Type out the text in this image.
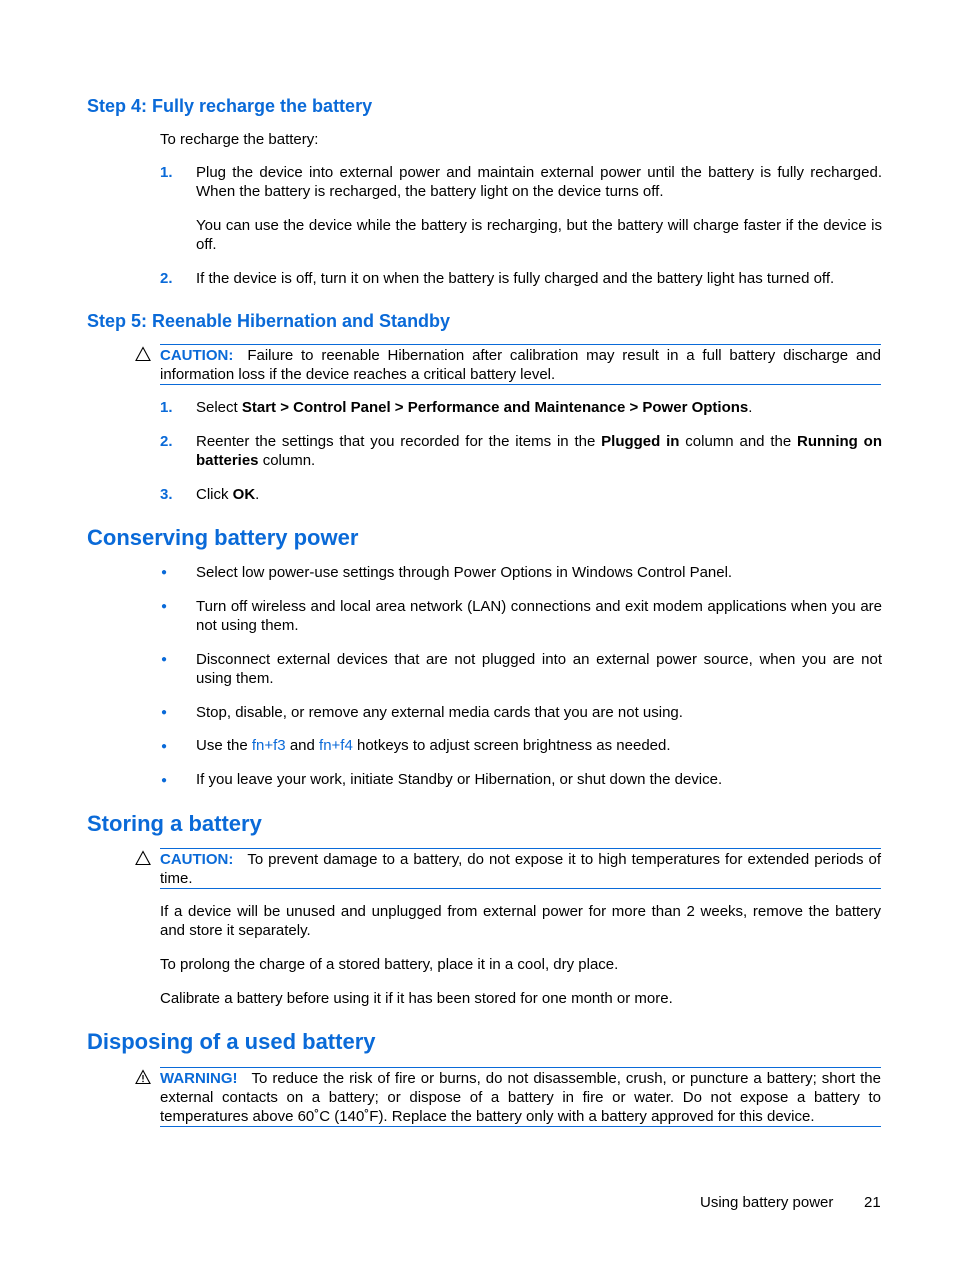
Step 4: Fully recharge the battery
To recharge the battery:
1. Plug the device into external power and maintain external power until the battery is fully recharged. When the battery is recharged, the battery light on the device turns off.
You can use the device while the battery is recharging, but the battery will charge faster if the device is off.
2. If the device is off, turn it on when the battery is fully charged and the battery light has turned off.
Step 5: Reenable Hibernation and Standby
CAUTION: Failure to reenable Hibernation after calibration may result in a full battery discharge and information loss if the device reaches a critical battery level.
1. Select Start > Control Panel > Performance and Maintenance > Power Options.
2. Reenter the settings that you recorded for the items in the Plugged in column and the Running on batteries column.
3. Click OK.
Conserving battery power
● Select low power-use settings through Power Options in Windows Control Panel.
● Turn off wireless and local area network (LAN) connections and exit modem applications when you are not using them.
● Disconnect external devices that are not plugged into an external power source, when you are not using them.
● Stop, disable, or remove any external media cards that you are not using.
● Use the fn+f3 and fn+f4 hotkeys to adjust screen brightness as needed.
● If you leave your work, initiate Standby or Hibernation, or shut down the device.
Storing a battery
CAUTION: To prevent damage to a battery, do not expose it to high temperatures for extended periods of time.
If a device will be unused and unplugged from external power for more than 2 weeks, remove the battery and store it separately.
To prolong the charge of a stored battery, place it in a cool, dry place.
Calibrate a battery before using it if it has been stored for one month or more.
Disposing of a used battery
WARNING! To reduce the risk of fire or burns, do not disassemble, crush, or puncture a battery; short the external contacts on a battery; or dispose of a battery in fire or water. Do not expose a battery to temperatures above 60˚C (140˚F). Replace the battery only with a battery approved for this device.
Using battery power 21
